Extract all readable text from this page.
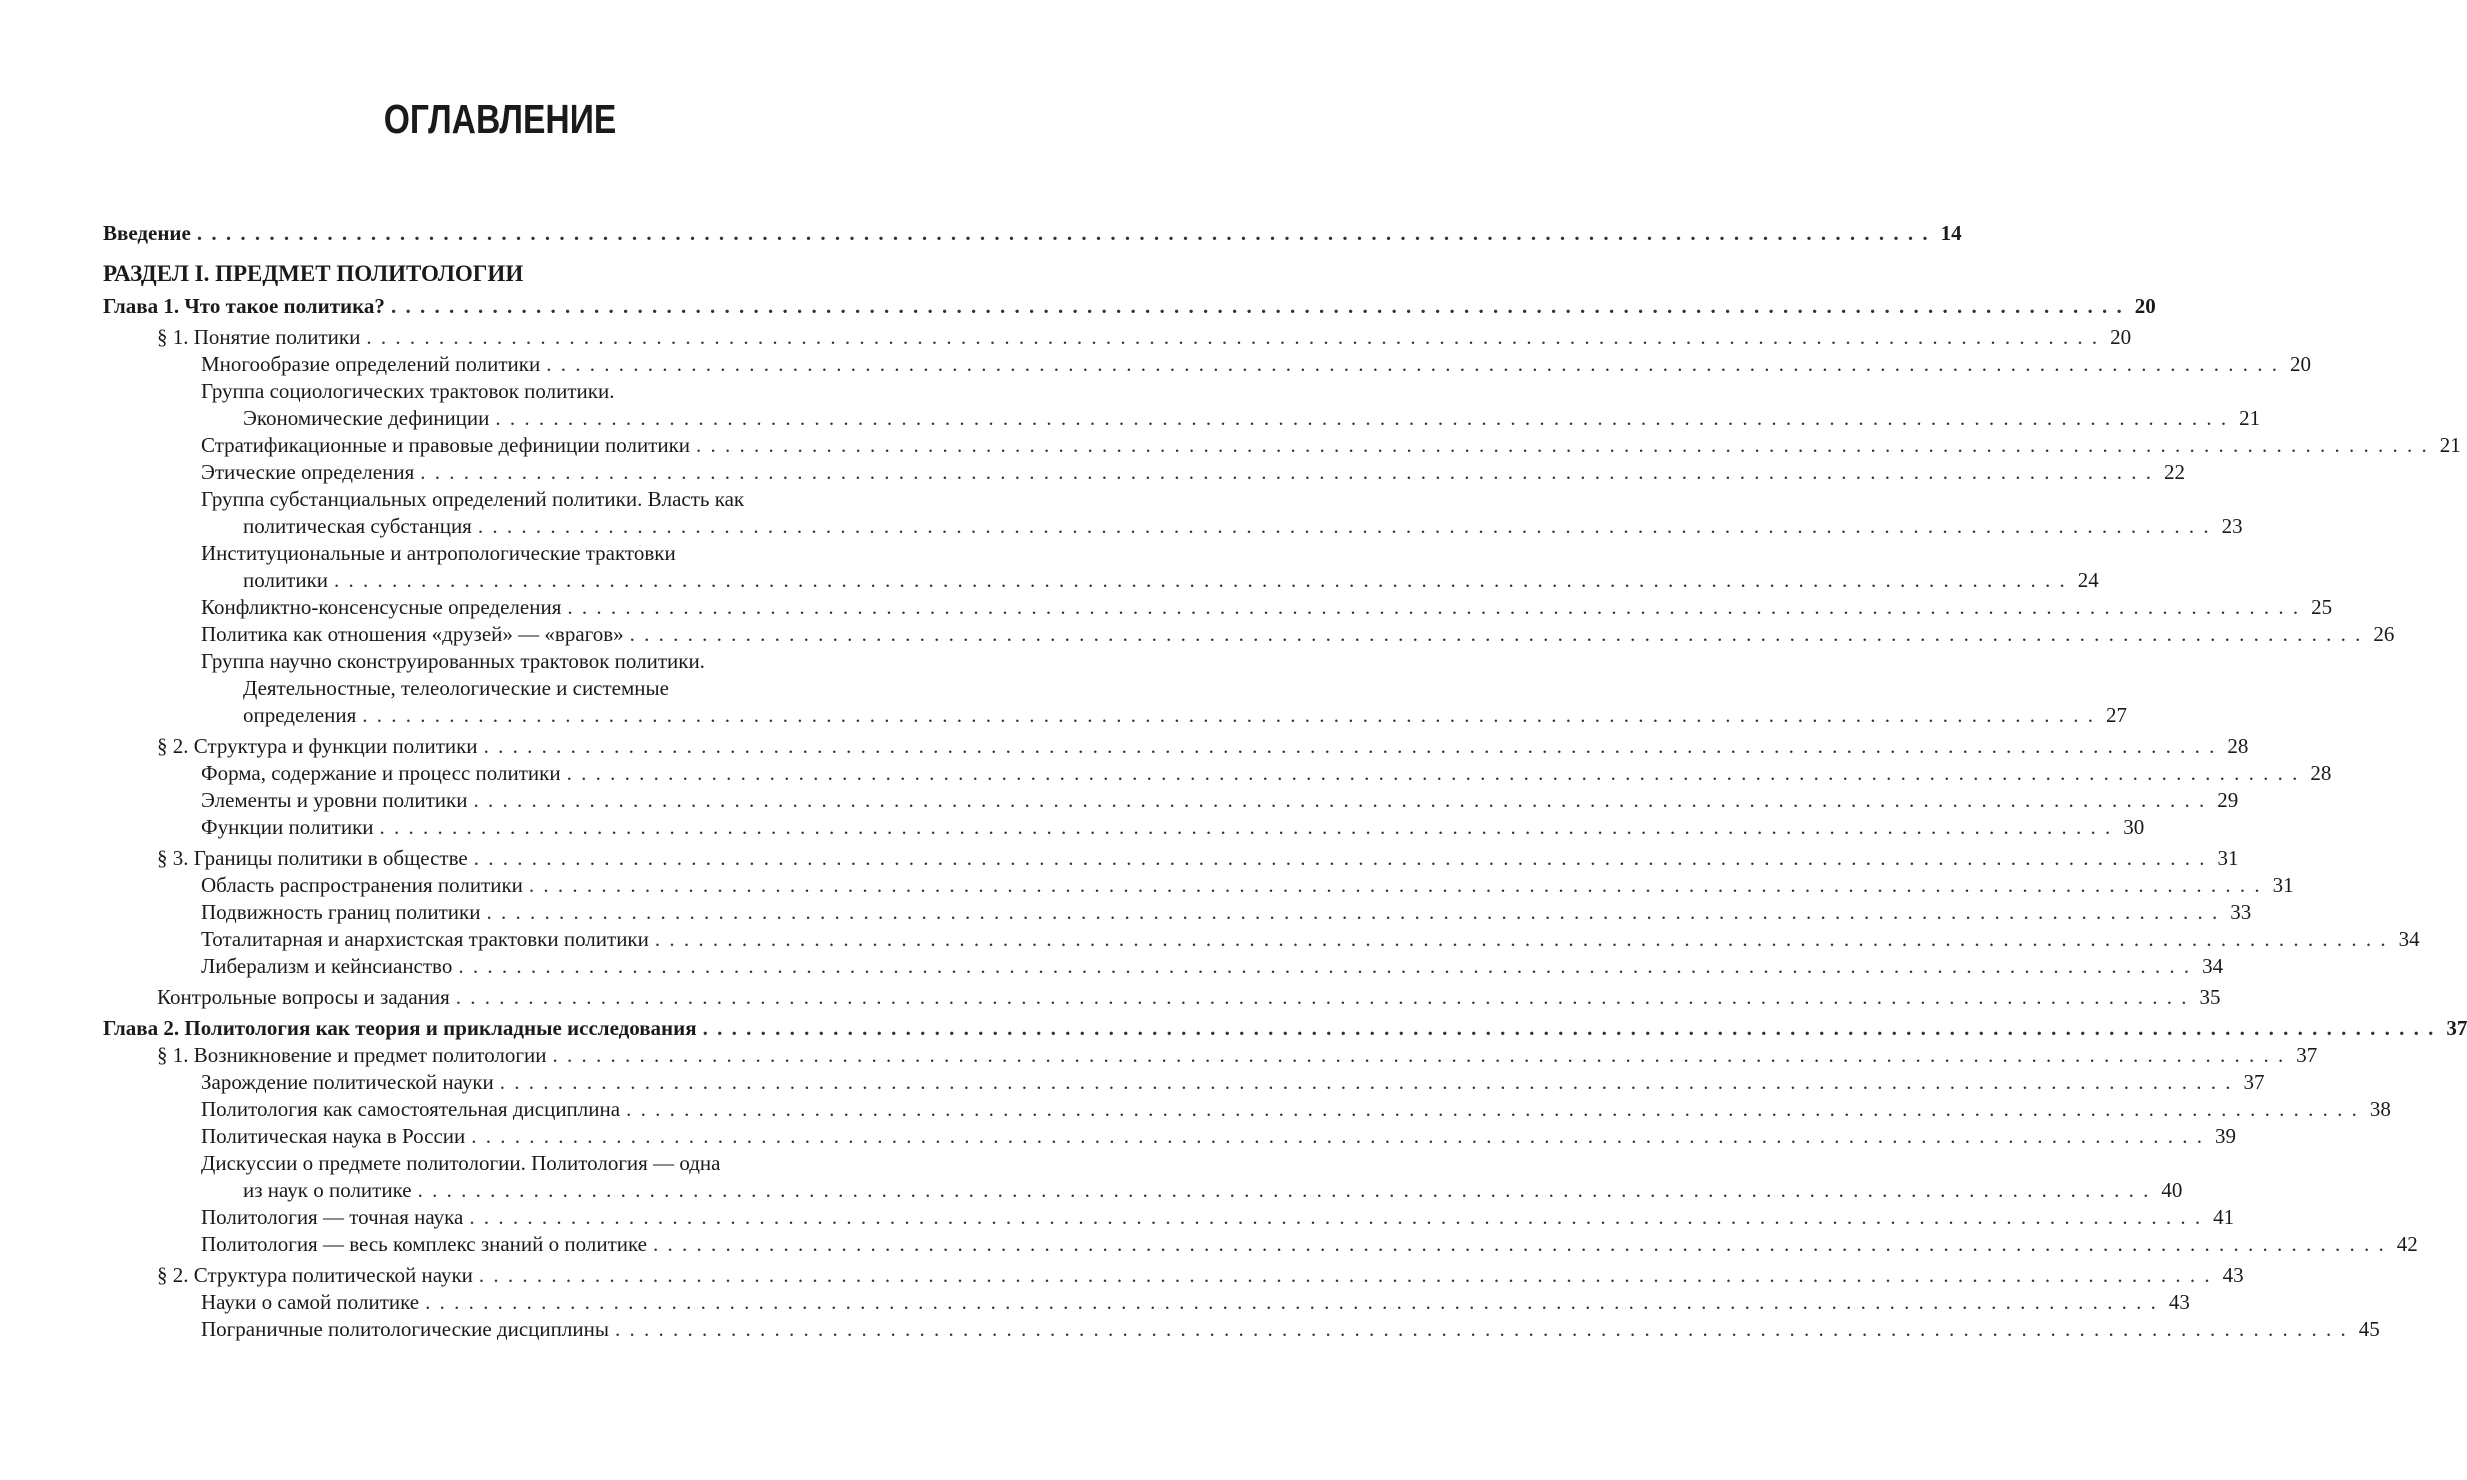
ОГЛАВЛЕНИЕ
Введение . . . . . . . . . . . . . . . . . . . . . . . . . . . . . . . . . . . . . . . . . . . . . . . . . . . . . . . . . . . . . . . . . . . . . . . . . . . . . . . . . . . . . . . . . . . . . . . . . . . . . . . . . . . . . . . . . . . . . . . . 14
РАЗДЕЛ I. ПРЕДМЕТ ПОЛИТОЛОГИИ
Глава 1. Что такое политика? . . . . . . . . . . . . . . . . . . . . . . . . . . . . . . . . . . . . . . . . . . . . . . . . . . . . . . . . . . . . . . . . . . . . . . . . . . . . . . . . . . . . . . . . . . . . . . . . . . . . . . . . . . . . . . . . . . . . . . . . 20
§ 1. Понятие политики . . . . . . . . . . . . . . . . . . . . . . . . . . . . . . . . . . . . . . . . . . . . . . . . . . . . . . . . . . . . . . . . . . . . . . . . . . . . . . . . . . . . . . . . . . . . . . . . . . . . . . . . . . . . . . . . . . . . . . . . 20
Многообразие определений политики . . . . . . . . . . . . . . . . . . . . . . . . . . . . . . . . . . . . . . . . . . . . . . . . . . . . . . . . . . . . . . . . . . . . . . . . . . . . . . . . . . . . . . . . . . . . . . . . . . . . . . . . . . . . . . . . . . . . . . . . 20
Группа социологических трактовок политики.
Экономические дефиниции . . . . . . . . . . . . . . . . . . . . . . . . . . . . . . . . . . . . . . . . . . . . . . . . . . . . . . . . . . . . . . . . . . . . . . . . . . . . . . . . . . . . . . . . . . . . . . . . . . . . . . . . . . . . . . . . . . . . . . . . 21
Стратификационные и правовые дефиниции политики . . . . . . . . . . . . . . . . . . . . . . . . . . . . . . . . . . . . . . . . . . . . . . . . . . . . . . . . . . . . . . . . . . . . . . . . . . . . . . . . . . . . . . . . . . . . . . . . . . . . . . . . . . . . . . . . . . . . . . . . 21
Этические определения . . . . . . . . . . . . . . . . . . . . . . . . . . . . . . . . . . . . . . . . . . . . . . . . . . . . . . . . . . . . . . . . . . . . . . . . . . . . . . . . . . . . . . . . . . . . . . . . . . . . . . . . . . . . . . . . . . . . . . . . 22
Группа субстанциальных определений политики. Власть как
политическая субстанция . . . . . . . . . . . . . . . . . . . . . . . . . . . . . . . . . . . . . . . . . . . . . . . . . . . . . . . . . . . . . . . . . . . . . . . . . . . . . . . . . . . . . . . . . . . . . . . . . . . . . . . . . . . . . . . . . . . . . . . . 23
Институциональные и антропологические трактовки
политики . . . . . . . . . . . . . . . . . . . . . . . . . . . . . . . . . . . . . . . . . . . . . . . . . . . . . . . . . . . . . . . . . . . . . . . . . . . . . . . . . . . . . . . . . . . . . . . . . . . . . . . . . . . . . . . . . . . . . . . . 24
Конфликтно-консенсусные определения . . . . . . . . . . . . . . . . . . . . . . . . . . . . . . . . . . . . . . . . . . . . . . . . . . . . . . . . . . . . . . . . . . . . . . . . . . . . . . . . . . . . . . . . . . . . . . . . . . . . . . . . . . . . . . . . . . . . . . . . 25
Политика как отношения «друзей» — «врагов» . . . . . . . . . . . . . . . . . . . . . . . . . . . . . . . . . . . . . . . . . . . . . . . . . . . . . . . . . . . . . . . . . . . . . . . . . . . . . . . . . . . . . . . . . . . . . . . . . . . . . . . . . . . . . . . . . . . . . . . . 26
Группа научно сконструированных трактовок политики.
Деятельностные, телеологические и системные
определения . . . . . . . . . . . . . . . . . . . . . . . . . . . . . . . . . . . . . . . . . . . . . . . . . . . . . . . . . . . . . . . . . . . . . . . . . . . . . . . . . . . . . . . . . . . . . . . . . . . . . . . . . . . . . . . . . . . . . . . . 27
§ 2. Структура и функции политики . . . . . . . . . . . . . . . . . . . . . . . . . . . . . . . . . . . . . . . . . . . . . . . . . . . . . . . . . . . . . . . . . . . . . . . . . . . . . . . . . . . . . . . . . . . . . . . . . . . . . . . . . . . . . . . . . . . . . . . . 28
Форма, содержание и процесс политики . . . . . . . . . . . . . . . . . . . . . . . . . . . . . . . . . . . . . . . . . . . . . . . . . . . . . . . . . . . . . . . . . . . . . . . . . . . . . . . . . . . . . . . . . . . . . . . . . . . . . . . . . . . . . . . . . . . . . . . . 28
Элементы и уровни политики . . . . . . . . . . . . . . . . . . . . . . . . . . . . . . . . . . . . . . . . . . . . . . . . . . . . . . . . . . . . . . . . . . . . . . . . . . . . . . . . . . . . . . . . . . . . . . . . . . . . . . . . . . . . . . . . . . . . . . . . 29
Функции политики . . . . . . . . . . . . . . . . . . . . . . . . . . . . . . . . . . . . . . . . . . . . . . . . . . . . . . . . . . . . . . . . . . . . . . . . . . . . . . . . . . . . . . . . . . . . . . . . . . . . . . . . . . . . . . . . . . . . . . . . 30
§ 3. Границы политики в обществе . . . . . . . . . . . . . . . . . . . . . . . . . . . . . . . . . . . . . . . . . . . . . . . . . . . . . . . . . . . . . . . . . . . . . . . . . . . . . . . . . . . . . . . . . . . . . . . . . . . . . . . . . . . . . . . . . . . . . . . . 31
Область распространения политики . . . . . . . . . . . . . . . . . . . . . . . . . . . . . . . . . . . . . . . . . . . . . . . . . . . . . . . . . . . . . . . . . . . . . . . . . . . . . . . . . . . . . . . . . . . . . . . . . . . . . . . . . . . . . . . . . . . . . . . . 31
Подвижность границ политики . . . . . . . . . . . . . . . . . . . . . . . . . . . . . . . . . . . . . . . . . . . . . . . . . . . . . . . . . . . . . . . . . . . . . . . . . . . . . . . . . . . . . . . . . . . . . . . . . . . . . . . . . . . . . . . . . . . . . . . . 33
Тоталитарная и анархистская трактовки политики . . . . . . . . . . . . . . . . . . . . . . . . . . . . . . . . . . . . . . . . . . . . . . . . . . . . . . . . . . . . . . . . . . . . . . . . . . . . . . . . . . . . . . . . . . . . . . . . . . . . . . . . . . . . . . . . . . . . . . . . 34
Либерализм и кейнсианство . . . . . . . . . . . . . . . . . . . . . . . . . . . . . . . . . . . . . . . . . . . . . . . . . . . . . . . . . . . . . . . . . . . . . . . . . . . . . . . . . . . . . . . . . . . . . . . . . . . . . . . . . . . . . . . . . . . . . . . . 34
Контрольные вопросы и задания . . . . . . . . . . . . . . . . . . . . . . . . . . . . . . . . . . . . . . . . . . . . . . . . . . . . . . . . . . . . . . . . . . . . . . . . . . . . . . . . . . . . . . . . . . . . . . . . . . . . . . . . . . . . . . . . . . . . . . . . 35
Глава 2. Политология как теория и прикладные исследования . . . . . . . . . . . . . . . . . . . . . . . . . . . . . . . . . . . . . . . . . . . . . . . . . . . . . . . . . . . . . . . . . . . . . . . . . . . . . . . . . . . . . . . . . . . . . . . . . . . . . . . . . . . . . . . . . . . . . . . . 37
§ 1. Возникновение и предмет политологии . . . . . . . . . . . . . . . . . . . . . . . . . . . . . . . . . . . . . . . . . . . . . . . . . . . . . . . . . . . . . . . . . . . . . . . . . . . . . . . . . . . . . . . . . . . . . . . . . . . . . . . . . . . . . . . . . . . . . . . . 37
Зарождение политической науки . . . . . . . . . . . . . . . . . . . . . . . . . . . . . . . . . . . . . . . . . . . . . . . . . . . . . . . . . . . . . . . . . . . . . . . . . . . . . . . . . . . . . . . . . . . . . . . . . . . . . . . . . . . . . . . . . . . . . . . . 37
Политология как самостоятельная дисциплина . . . . . . . . . . . . . . . . . . . . . . . . . . . . . . . . . . . . . . . . . . . . . . . . . . . . . . . . . . . . . . . . . . . . . . . . . . . . . . . . . . . . . . . . . . . . . . . . . . . . . . . . . . . . . . . . . . . . . . . . 38
Политическая наука в России . . . . . . . . . . . . . . . . . . . . . . . . . . . . . . . . . . . . . . . . . . . . . . . . . . . . . . . . . . . . . . . . . . . . . . . . . . . . . . . . . . . . . . . . . . . . . . . . . . . . . . . . . . . . . . . . . . . . . . . . 39
Дискуссии о предмете политологии. Политология — одна
из наук о политике . . . . . . . . . . . . . . . . . . . . . . . . . . . . . . . . . . . . . . . . . . . . . . . . . . . . . . . . . . . . . . . . . . . . . . . . . . . . . . . . . . . . . . . . . . . . . . . . . . . . . . . . . . . . . . . . . . . . . . . . 40
Политология — точная наука . . . . . . . . . . . . . . . . . . . . . . . . . . . . . . . . . . . . . . . . . . . . . . . . . . . . . . . . . . . . . . . . . . . . . . . . . . . . . . . . . . . . . . . . . . . . . . . . . . . . . . . . . . . . . . . . . . . . . . . . 41
Политология — весь комплекс знаний о политике . . . . . . . . . . . . . . . . . . . . . . . . . . . . . . . . . . . . . . . . . . . . . . . . . . . . . . . . . . . . . . . . . . . . . . . . . . . . . . . . . . . . . . . . . . . . . . . . . . . . . . . . . . . . . . . . . . . . . . . . 42
§ 2. Структура политической науки . . . . . . . . . . . . . . . . . . . . . . . . . . . . . . . . . . . . . . . . . . . . . . . . . . . . . . . . . . . . . . . . . . . . . . . . . . . . . . . . . . . . . . . . . . . . . . . . . . . . . . . . . . . . . . . . . . . . . . . . 43
Науки о самой политике . . . . . . . . . . . . . . . . . . . . . . . . . . . . . . . . . . . . . . . . . . . . . . . . . . . . . . . . . . . . . . . . . . . . . . . . . . . . . . . . . . . . . . . . . . . . . . . . . . . . . . . . . . . . . . . . . . . . . . . . 43
Пограничные политологические дисциплины . . . . . . . . . . . . . . . . . . . . . . . . . . . . . . . . . . . . . . . . . . . . . . . . . . . . . . . . . . . . . . . . . . . . . . . . . . . . . . . . . . . . . . . . . . . . . . . . . . . . . . . . . . . . . . . . . . . . . . . . 45
